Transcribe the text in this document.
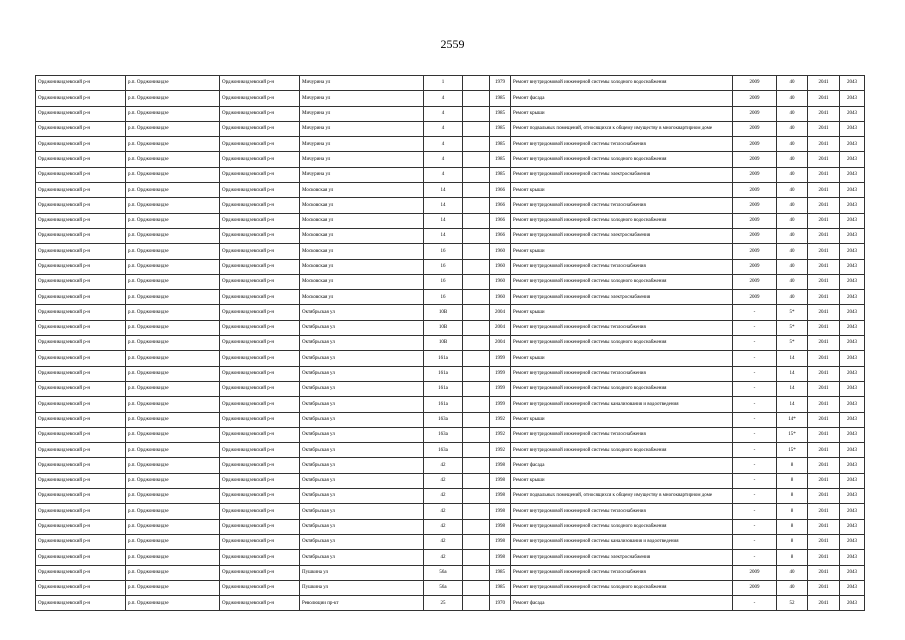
2559
Орджоникидзевский р-н	р.п. Орджоникидзе	Орджоникидзевский р-н	Мичурина ул	1		1979	Ремонт внутридомовой инженерной системы холодного водоснабжения	2009	40	2041	2043
Орджоникидзевский р-н	р.п. Орджоникидзе	Орджоникидзевский р-н	Мичурина ул	4		1985	Ремонт фасада	2009	40	2041	2043
Орджоникидзевский р-н	р.п. Орджоникидзе	Орджоникидзевский р-н	Мичурина ул	4		1985	Ремонт крыши	2009	40	2041	2043
Орджоникидзевский р-н	р.п. Орджоникидзе	Орджоникидзевский р-н	Мичурина ул	4		1985	Ремонт подвальных помещений, относящихся к общему имуществу в многоквартирном доме	2009	40	2041	2043
Орджоникидзевский р-н	р.п. Орджоникидзе	Орджоникидзевский р-н	Мичурина ул	4		1985	Ремонт внутридомовой инженерной системы теплоснабжения	2009	40	2041	2043
Орджоникидзевский р-н	р.п. Орджоникидзе	Орджоникидзевский р-н	Мичурина ул	4		1985	Ремонт внутридомовой инженерной системы холодного водоснабжения	2009	40	2041	2043
Орджоникидзевский р-н	р.п. Орджоникидзе	Орджоникидзевский р-н	Мичурина ул	4		1985	Ремонт внутридомовой инженерной системы электроснабжения	2009	40	2041	2043
Орджоникидзевский р-н	р.п. Орджоникидзе	Орджоникидзевский р-н	Московская ул	14		1966	Ремонт крыши	2009	40	2041	2043
Орджоникидзевский р-н	р.п. Орджоникидзе	Орджоникидзевский р-н	Московская ул	14		1966	Ремонт внутридомовой инженерной системы теплоснабжения	2009	40	2041	2043
Орджоникидзевский р-н	р.п. Орджоникидзе	Орджоникидзевский р-н	Московская ул	14		1966	Ремонт внутридомовой инженерной системы холодного водоснабжения	2009	40	2041	2043
Орджоникидзевский р-н	р.п. Орджоникидзе	Орджоникидзевский р-н	Московская ул	14		1966	Ремонт внутридомовой инженерной системы электроснабжения	2009	40	2041	2043
Орджоникидзевский р-н	р.п. Орджоникидзе	Орджоникидзевский р-н	Московская ул	16		1960	Ремонт крыши	2009	40	2041	2043
Орджоникидзевский р-н	р.п. Орджоникидзе	Орджоникидзевский р-н	Московская ул	16		1960	Ремонт внутридомовой инженерной системы теплоснабжения	2009	40	2041	2043
Орджоникидзевский р-н	р.п. Орджоникидзе	Орджоникидзевский р-н	Московская ул	16		1960	Ремонт внутридомовой инженерной системы холодного водоснабжения	2009	40	2041	2043
Орджоникидзевский р-н	р.п. Орджоникидзе	Орджоникидзевский р-н	Московская ул	16		1960	Ремонт внутридомовой инженерной системы электроснабжения	2009	40	2041	2043
Орджоникидзевский р-н	р.п. Орджоникидзе	Орджоникидзевский р-н	Октябрьская ул	10В		2004	Ремонт крыши	-	5*	2041	2043
Орджоникидзевский р-н	р.п. Орджоникидзе	Орджоникидзевский р-н	Октябрьская ул	10В		2004	Ремонт внутридомовой инженерной системы теплоснабжения	-	5*	2041	2043
Орджоникидзевский р-н	р.п. Орджоникидзе	Орджоникидзевский р-н	Октябрьская ул	10В		2004	Ремонт внутридомовой инженерной системы холодного водоснабжения	-	5*	2041	2043
Орджоникидзевский р-н	р.п. Орджоникидзе	Орджоникидзевский р-н	Октябрьская ул	161а		1999	Ремонт крыши	-	14	2041	2043
Орджоникидзевский р-н	р.п. Орджоникидзе	Орджоникидзевский р-н	Октябрьская ул	161а		1999	Ремонт внутридомовой инженерной системы теплоснабжения	-	14	2041	2043
Орджоникидзевский р-н	р.п. Орджоникидзе	Орджоникидзевский р-н	Октябрьская ул	161а		1999	Ремонт внутридомовой инженерной системы холодного водоснабжения	-	14	2041	2043
Орджоникидзевский р-н	р.п. Орджоникидзе	Орджоникидзевский р-н	Октябрьская ул	161а		1999	Ремонт внутридомовой инженерной системы канализования и водоотведения	-	14	2041	2043
Орджоникидзевский р-н	р.п. Орджоникидзе	Орджоникидзевский р-н	Октябрьская ул	163а		1992	Ремонт крыши	-	14*	2041	2043
Орджоникидзевский р-н	р.п. Орджоникидзе	Орджоникидзевский р-н	Октябрьская ул	163а		1992	Ремонт внутридомовой инженерной системы теплоснабжения	-	15*	2041	2043
Орджоникидзевский р-н	р.п. Орджоникидзе	Орджоникидзевский р-н	Октябрьская ул	163а		1992	Ремонт внутридомовой инженерной системы холодного водоснабжения	-	15*	2041	2043
Орджоникидзевский р-н	р.п. Орджоникидзе	Орджоникидзевский р-н	Октябрьская ул	42		1998	Ремонт фасада	-	8	2041	2043
Орджоникидзевский р-н	р.п. Орджоникидзе	Орджоникидзевский р-н	Октябрьская ул	42		1998	Ремонт крыши	-	8	2041	2043
Орджоникидзевский р-н	р.п. Орджоникидзе	Орджоникидзевский р-н	Октябрьская ул	42		1998	Ремонт подвальных помещений, относящихся к общему имуществу в многоквартирном доме	-	8	2041	2043
Орджоникидзевский р-н	р.п. Орджоникидзе	Орджоникидзевский р-н	Октябрьская ул	42		1998	Ремонт внутридомовой инженерной системы теплоснабжения	-	8	2041	2043
Орджоникидзевский р-н	р.п. Орджоникидзе	Орджоникидзевский р-н	Октябрьская ул	42		1998	Ремонт внутридомовой инженерной системы холодного водоснабжения	-	8	2041	2043
Орджоникидзевский р-н	р.п. Орджоникидзе	Орджоникидзевский р-н	Октябрьская ул	42		1998	Ремонт внутридомовой инженерной системы канализования и водоотведения	-	8	2041	2043
Орджоникидзевский р-н	р.п. Орджоникидзе	Орджоникидзевский р-н	Октябрьская ул	42		1998	Ремонт внутридомовой инженерной системы электроснабжения	-	8	2041	2043
Орджоникидзевский р-н	р.п. Орджоникидзе	Орджоникидзевский р-н	Пушкина ул	56а		1985	Ремонт внутридомовой инженерной системы теплоснабжения	2009	40	2041	2043
Орджоникидзевский р-н	р.п. Орджоникидзе	Орджоникидзевский р-н	Пушкина ул	56а		1985	Ремонт внутридомовой инженерной системы холодного водоснабжения	2009	40	2041	2043
Орджоникидзевский р-н	р.п. Орджоникидзе	Орджоникидзевский р-н	Революции пр-кт	25		1970	Ремонт фасада	-	52	2041	2043
